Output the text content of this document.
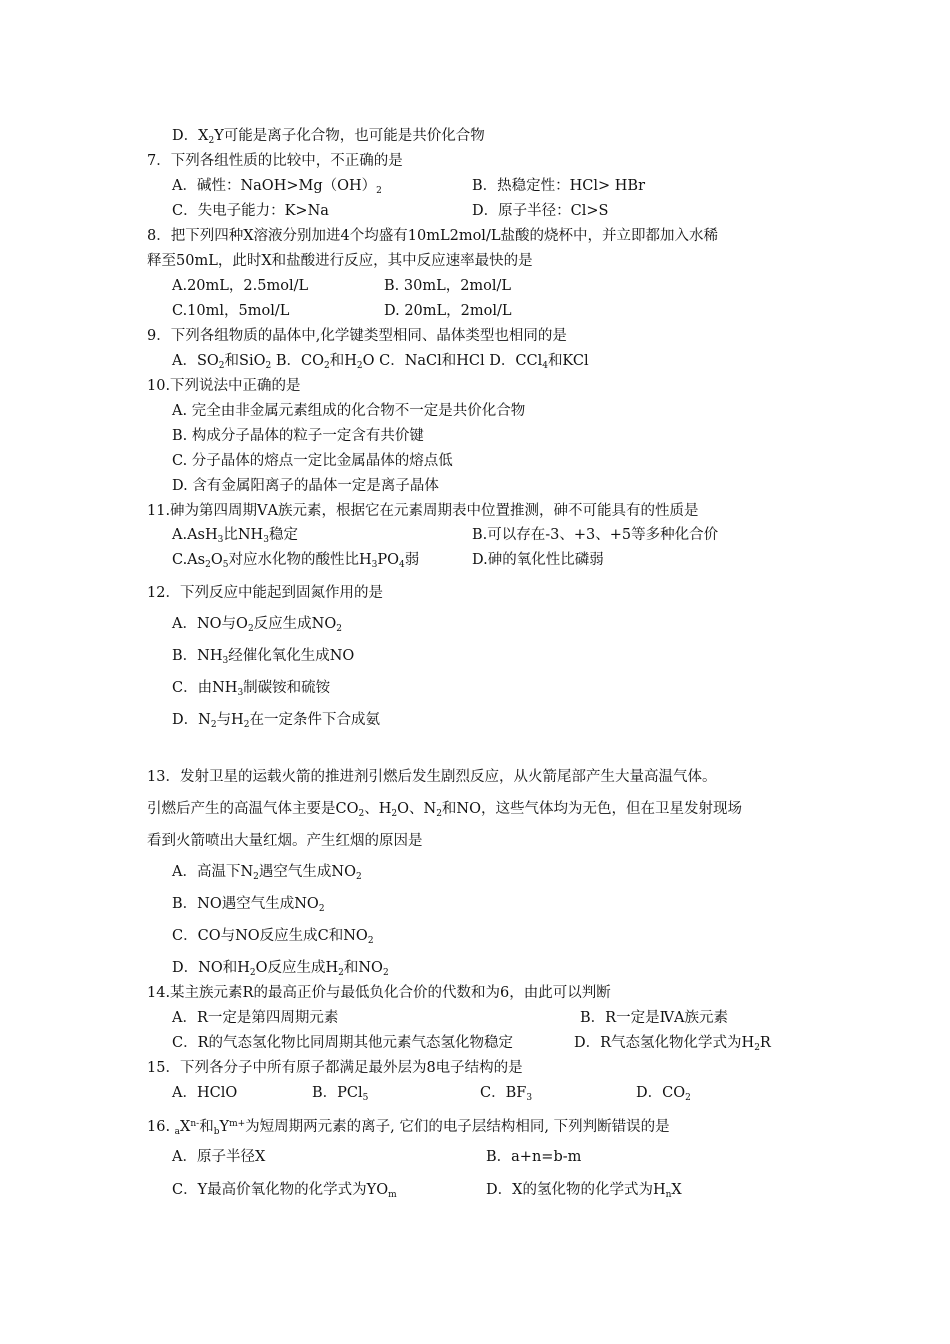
D．$X_2Y$可能是离子化合物，也可能是共价化合物
7．下列各组性质的比较中，不正确的是
A．碱性：$NaOH>Mg(OH)_2$	B．热稳定性：HCl> HBr
C．失电子能力：K>Na	D．原子半径：Cl>S
8．把下列四种X溶液分别加进4个均盛有10mL2mol/L盐酸的烧杯中，并立即都加入水稀
释至50mL，此时X和盐酸进行反应，其中反应速率最快的是
A.20mL，2.5mol/L	B. 30mL，2mol/L
C.10ml，5mol/L	D. 20mL，2mol/L
9．下列各组物质的晶体中,化学键类型相同、晶体类型也相同的是
A．$SO_2$和SiO$_2$ B．$CO_2$和$H_2O$ C．NaCl和HCl D．CCl$_4$和KCl
10.下列说法中正确的是
A. 完全由非金属元素组成的化合物不一定是共价化合物
B. 构成分子晶体的粒子一定含有共价键
C. 分子晶体的熔点一定比金属晶体的熔点低
D. 含有金属阳离子的晶体一定是离子晶体
11.砷为第四周期ⅤA族元素，根据它在元素周期表中位置推测，砷不可能具有的性质是
A.AsH$_3$比$NH_3$稳定	B.可以存在-3、+3、+5等多种化合价
$C.As_2O_5$对应水化物的酸性比$H_3PO_4$弱	D.砷的氧化性比磷弱
12．下列反应中能起到固氮作用的是
A．NO与$O_2$反应生成$NO_2$
B．$NH_3$经催化氧化生成NO
C．由$NH_3$制碳铵和硫铵
D．$N_2$与$H_2$在一定条件下合成氨
13．发射卫星的运载火箭的推进剂引燃后发生剧烈反应，从火箭尾部产生大量高温气体。
引燃后产生的高温气体主要是$CO_2$、$H_2O$、$N_2$和NO，这些气体均为无色，但在卫星发射现场
看到火箭喷出大量红烟。产生红烟的原因是
A．高温下$N_2$遇空气生成$NO_2$
B．NO遇空气生成$NO_2$
C．CO与NO反应生成C和$NO_2$
D．NO和$H_2O$反应生成$H_2$和$NO_2$
14.某主族元素R的最高正价与最低负化合价的代数和为6，由此可以判断
A．R一定是第四周期元素	B．R一定是ⅣA族元素
C．R的气态氢化物比同周期其他元素气态氢化物稳定	D．R气态氢化物化学式为$H_2R$
15．下列各分子中所有原子都满足最外层为8电子结构的是
A．HClO	B．PCl$_5$	C．$BF_3$	D．$CO_2$
16. $_aX^{n-}$和$_bY^{m+}$为短周期两元素的离子, 它们的电子层结构相同, 下列判断错误的是
A．原子半径X	B．a+n=b-m
C．Y最高价氧化物的化学式为$YO_m$	D．X的氢化物的化学式为$H_nX$
